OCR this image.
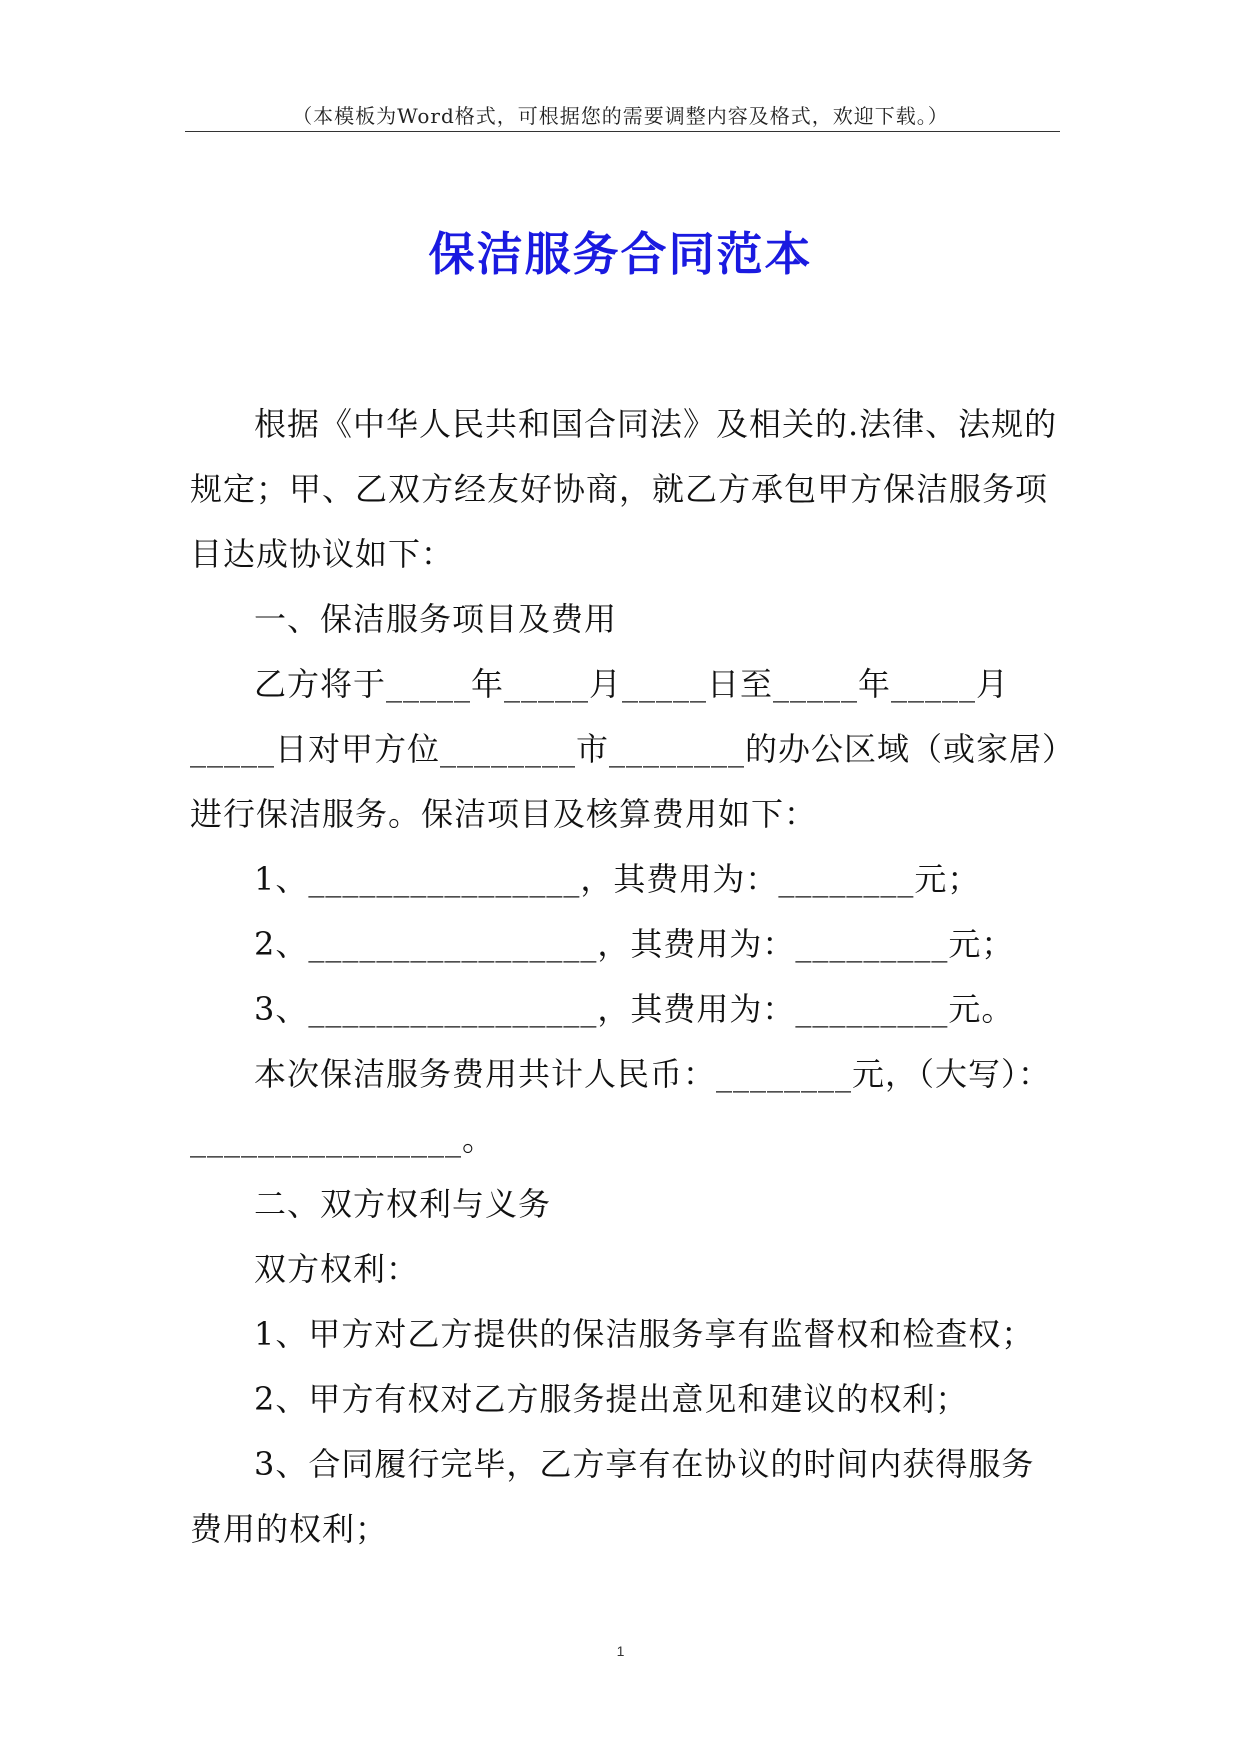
（本模板为Word格式，可根据您的需要调整内容及格式，欢迎下载。）
保洁服务合同范本

根据《中华人民共和国合同法》及相关的.法律、法规的规定；甲、乙双方经友好协商，就乙方承包甲方保洁服务项目达成协议如下：

一、保洁服务项目及费用

乙方将于_____年_____月_____日至_____年_____月_____日对甲方位________市________的办公区域（或家居）进行保洁服务。保洁项目及核算费用如下：

1、________________，其费用为：________元；

2、_________________，其费用为：_________元；

3、_________________，其费用为：_________元。

本次保洁服务费用共计人民币：________元，（大写）：

________________。

二、双方权利与义务

双方权利：

1、甲方对乙方提供的保洁服务享有监督权和检查权；

2、甲方有权对乙方服务提出意见和建议的权利；

3、合同履行完毕，乙方享有在协议的时间内获得服务费用的权利；

1
